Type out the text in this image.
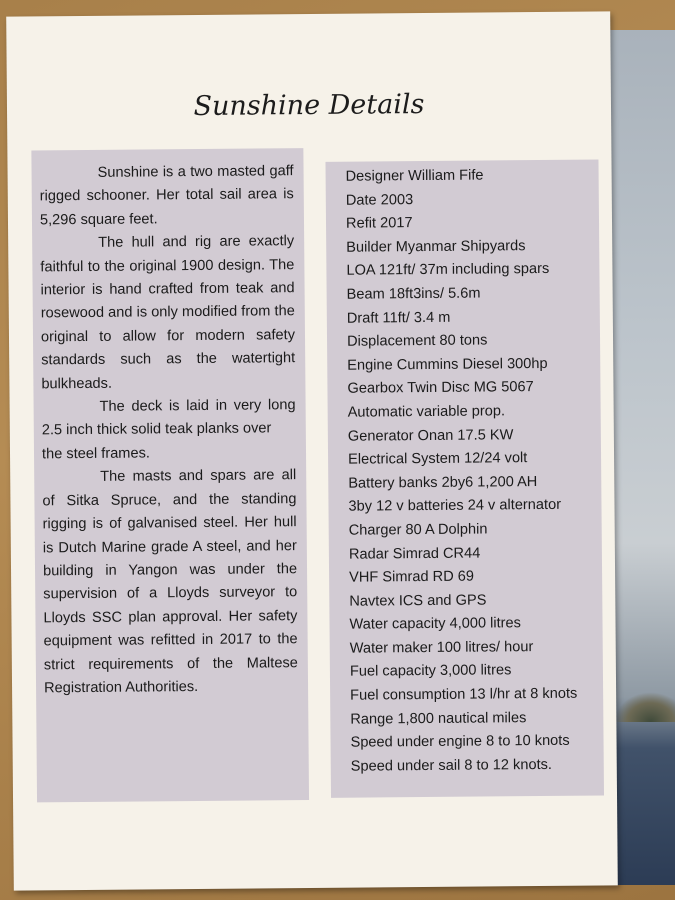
Sunshine Details

Sunshine is a two masted gaff rigged schooner. Her total sail area is 5,296 square feet.

The hull and rig are exactly faithful to the original 1900 design. The interior is hand crafted from teak and rosewood and is only modified from the original to allow for modern safety standards such as the watertight bulkheads.

The deck is laid in very long 2.5 inch thick solid teak planks over

the steel frames.

The masts and spars are all of Sitka Spruce, and the standing rigging is of galvanised steel. Her hull is Dutch Marine grade A steel, and her building in Yangon was under the supervision of a Lloyds surveyor to Lloyds SSC plan approval. Her safety equipment was refitted in 2017 to the strict requirements of the Maltese Registration Authorities.

Designer William Fife
Date 2003
Refit 2017
Builder Myanmar Shipyards
LOA 121ft/ 37m including spars
Beam 18ft3ins/ 5.6m
Draft 11ft/ 3.4 m
Displacement 80 tons
Engine Cummins Diesel 300hp
Gearbox Twin Disc MG 5067
Automatic variable prop.
Generator Onan 17.5 KW
Electrical System 12/24 volt
Battery banks 2by6 1,200 AH
3by 12 v batteries 24 v alternator
Charger 80 A Dolphin
Radar Simrad CR44
VHF Simrad RD 69
Navtex ICS and GPS
Water capacity 4,000 litres
Water maker 100 litres/ hour
Fuel capacity 3,000 litres
Fuel consumption 13 l/hr at 8 knots
Range 1,800 nautical miles
Speed under engine 8 to 10 knots
Speed under sail 8 to 12 knots.
